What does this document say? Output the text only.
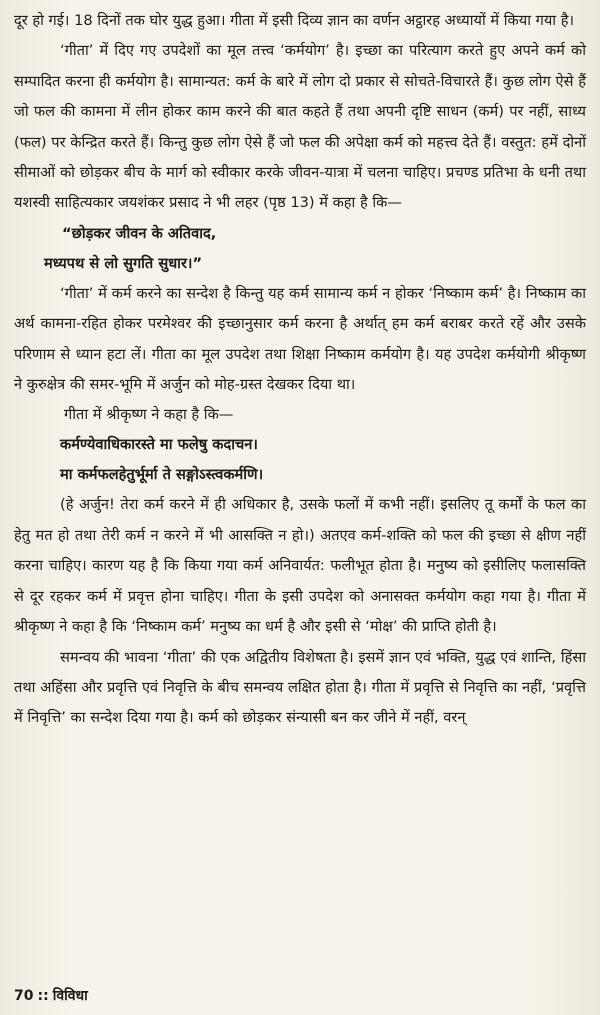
दूर हो गई। 18 दिनों तक घोर युद्ध हुआ। गीता में इसी दिव्य ज्ञान का वर्णन अट्ठारह अध्यायों में किया गया है।

‘गीता’ में दिए गए उपदेशों का मूल तत्त्व ‘कर्मयोग’ है। इच्छा का परित्याग करते हुए अपने कर्म को सम्पादित करना ही कर्मयोग है। सामान्यत: कर्म के बारे में लोग दो प्रकार से सोचते-विचारते हैं। कुछ लोग ऐसे हैं जो फल की कामना में लीन होकर काम करने की बात कहते हैं तथा अपनी दृष्टि साधन (कर्म) पर नहीं, साध्य (फल) पर केन्द्रित करते हैं। किन्तु कुछ लोग ऐसे हैं जो फल की अपेक्षा कर्म को महत्त्व देते हैं। वस्तुत: हमें दोनों सीमाओं को छोड़कर बीच के मार्ग को स्वीकार करके जीवन-यात्रा में चलना चाहिए। प्रचण्ड प्रतिभा के धनी तथा यशस्वी साहित्यकार जयशंकर प्रसाद ने भी लहर (पृष्ठ 13) में कहा है कि—

“छोड़कर जीवन के अतिवाद,

मध्यपथ से लो सुगति सुधार।”

‘गीता’ में कर्म करने का सन्देश है किन्तु यह कर्म सामान्य कर्म न होकर ‘निष्काम कर्म’ है। निष्काम का अर्थ कामना-रहित होकर परमेश्वर की इच्छानुसार कर्म करना है अर्थात् हम कर्म बराबर करते रहें और उसके परिणाम से ध्यान हटा लें। गीता का मूल उपदेश तथा शिक्षा निष्काम कर्मयोग है। यह उपदेश कर्मयोगी श्रीकृष्ण ने कुरुक्षेत्र की समर-भूमि में अर्जुन को मोह-ग्रस्त देखकर दिया था।

गीता में श्रीकृष्ण ने कहा है कि—

कर्मण्येवाधिकारस्ते मा फलेषु कदाचन।

मा कर्मफलहेतुर्भूर्मा ते सङ्गोऽस्त्वकर्मणि।

(हे अर्जुन! तेरा कर्म करने में ही अधिकार है, उसके फलों में कभी नहीं। इसलिए तू कर्मों के फल का हेतु मत हो तथा तेरी कर्म न करने में भी आसक्ति न हो।) अतएव कर्म-शक्ति को फल की इच्छा से क्षीण नहीं करना चाहिए। कारण यह है कि किया गया कर्म अनिवार्यत: फलीभूत होता है। मनुष्य को इसीलिए फलासक्ति से दूर रहकर कर्म में प्रवृत्त होना चाहिए। गीता के इसी उपदेश को अनासक्त कर्मयोग कहा गया है। गीता में श्रीकृष्ण ने कहा है कि ‘निष्काम कर्म’ मनुष्य का धर्म है और इसी से ‘मोक्ष’ की प्राप्ति होती है।

समन्वय की भावना ‘गीता’ की एक अद्वितीय विशेषता है। इसमें ज्ञान एवं भक्ति, युद्ध एवं शान्ति, हिंसा तथा अहिंसा और प्रवृत्ति एवं निवृत्ति के बीच समन्वय लक्षित होता है। गीता में प्रवृत्ति से निवृत्ति का नहीं, ‘प्रवृत्ति में निवृत्ति’ का सन्देश दिया गया है। कर्म को छोड़कर संन्यासी बन कर जीने में नहीं, वरन्

70 :: विविधा
